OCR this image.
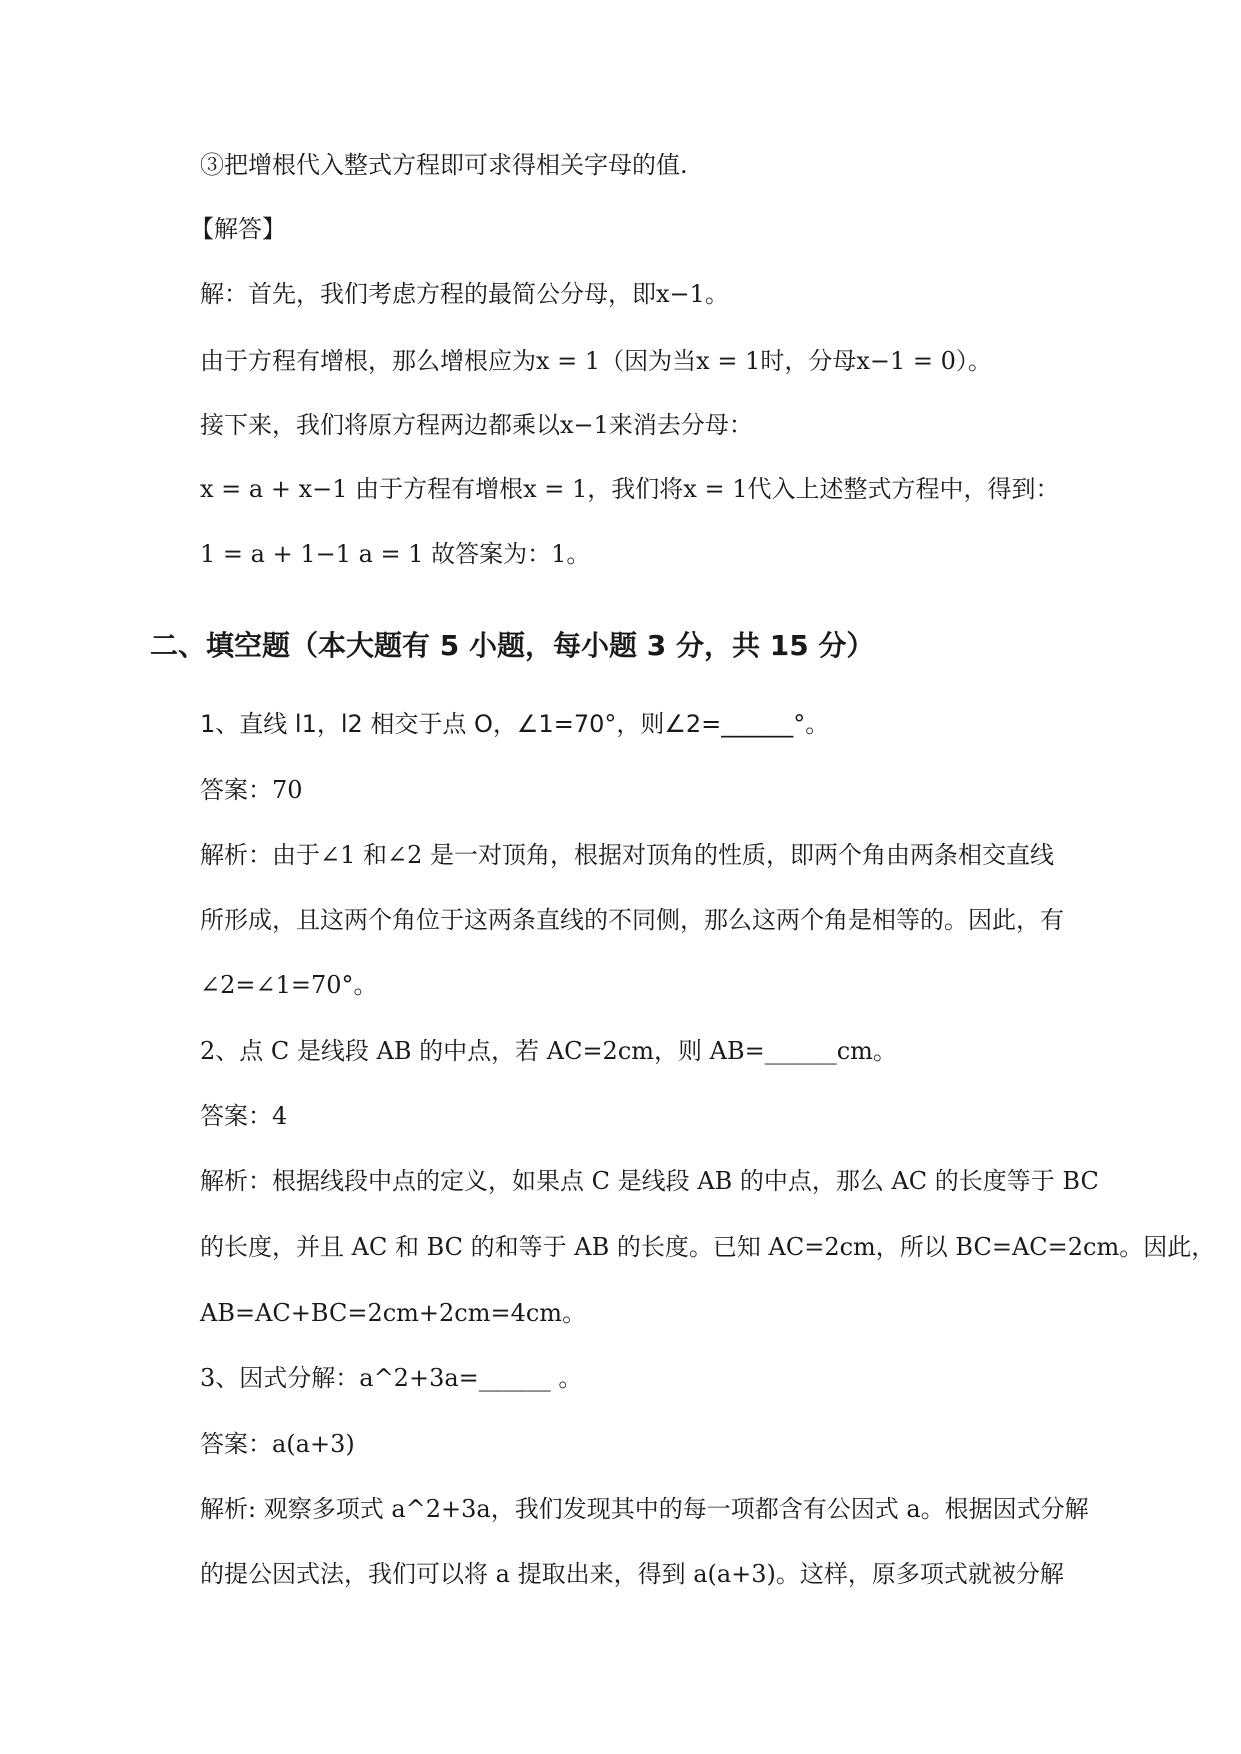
③把增根代入整式方程即可求得相关字母的值.
【解答】
解：首先，我们考虑方程的最简公分母，即x−1。
由于方程有增根，那么增根应为x = 1（因为当x = 1时，分母x−1 = 0）。
接下来，我们将原方程两边都乘以x−1来消去分母：
x = a + x−1 由于方程有增根x = 1，我们将x = 1代入上述整式方程中，得到：
1 = a + 1−1 a = 1 故答案为：1。
二、填空题（本大题有 5 小题，每小题 3 分，共 15 分）
1、直线 l1，l2 相交于点 O，∠1=70°，则∠2=______°。
答案：70
解析：由于∠1 和∠2 是一对顶角，根据对顶角的性质，即两个角由两条相交直线
所形成，且这两个角位于这两条直线的不同侧，那么这两个角是相等的。因此，有
∠2=∠1=70°。
2、点 C 是线段 AB 的中点，若 AC=2cm，则 AB=______cm。
答案：4
解析：根据线段中点的定义，如果点 C 是线段 AB 的中点，那么 AC 的长度等于 BC
的长度，并且 AC 和 BC 的和等于 AB 的长度。已知 AC=2cm，所以 BC=AC=2cm。因此，
AB=AC+BC=2cm+2cm=4cm。
3、因式分解：a^2+3a=______ 。
答案：a(a+3)
解析: 观察多项式 a^2+3a，我们发现其中的每一项都含有公因式 a。根据因式分解
的提公因式法，我们可以将 a 提取出来，得到 a(a+3)。这样，原多项式就被分解
